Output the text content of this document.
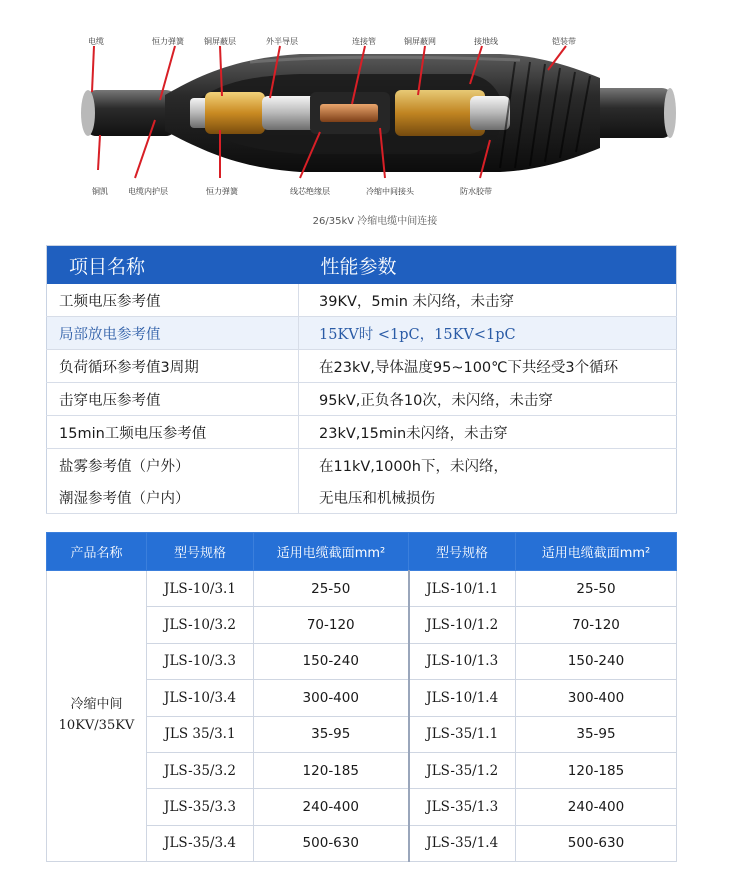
电缆	恒力弹簧	铜屏蔽层	外半导层	连接管	铜屏蔽网	接地线	铠装带
铜凯	电缆内护层	恒力弹簧	线芯绝缘层	冷缩中间接头	防水胶带
26/35kV 冷缩电缆中间连接
项目名称	性能参数
工频电压参考值	39KV，5min 未闪络，未击穿
局部放电参考值	15KV时 <1pC，15KV<1pC
负荷循环参考值3周期	在23kV,导体温度95~100℃下共经受3个循环
击穿电压参考值	95kV,正负各10次，未闪络，未击穿
15min工频电压参考值	23kV,15min未闪络，未击穿
盐雾参考值（户外）	在11kV,1000h下，未闪络，
潮湿参考值（户内）	无电压和机械损伤
产品名称	型号规格	适用电缆截面mm²	型号规格	适用电缆截面mm²

冷缩中间
10KV/35KV	JLS-10/3.1	25-50	JLS-10/1.1	25-50
	JLS-10/3.2	70-120	JLS-10/1.2	70-120
	JLS-10/3.3	150-240	JLS-10/1.3	150-240
	JLS-10/3.4	300-400	JLS-10/1.4	300-400
	JLS 35/3.1	35-95	JLS-35/1.1	35-95
	JLS-35/3.2	120-185	JLS-35/1.2	120-185
	JLS-35/3.3	240-400	JLS-35/1.3	240-400
	JLS-35/3.4	500-630	JLS-35/1.4	500-630
